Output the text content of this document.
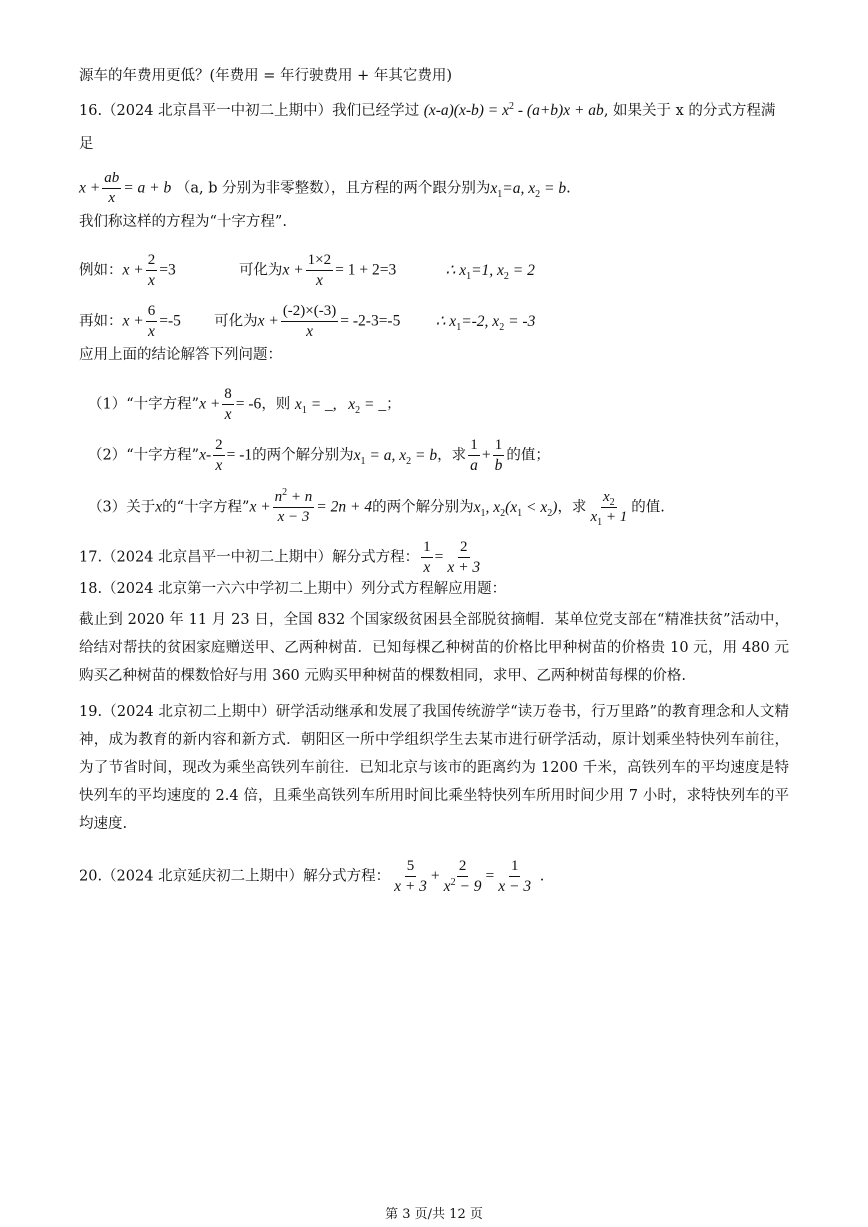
源车的年费用更低？(年费用 = 年行驶费用 + 年其它费用)
16.（2024 北京昌平一中初二上期中）我们已经学过 $(x-a)(x-b) = x^2 - (a+b)x$ + ab, 如果关于 x 的分式方程满
足
$x + \frac{ab}{x} = a + b$ （a, b 分别为非零整数），且方程的两个跟分别为$x_1=a$, $x_2 = b$.
我们称这样的方程为“十字方程”.
例如：$x + \frac{2}{x} =3$	可化为$x + \frac{1\times 2}{x} = 1 + 2=3$	∴ $x_1=1$, $x_2 = 2$
再如：$x + \frac{6}{x} =-5$ 可化为$x + \frac{(-2)\times(-3)}{x} = -2-3=-5$ ∴ $x_1=-2$, $x_2 = -3$
应用上面的结论解答下列问题：
（1）“十字方程”x + $\frac{8}{x} = -6$，则 $x_1$ = _,   $x_2$ = _；
（2）“十字方程”x- $\frac{2}{x} = -1$的两个解分别为$x_1 = a$, $x_2 = b$，求 $\frac{1}{a} + \frac{1}{b}$ 的值；
（3）关于x的“十字方程”x + $\frac{n^2 + n}{x - 3} = 2n + 4$的两个解分别为$x_1$, $x_2(x_1 < x_2)$，求 $\frac{x_2}{x_1 + 1}$ 的值.
17.（2024 北京昌平一中初二上期中）解分式方程： $\frac{1}{x} = \frac{2}{x + 3}$
18.（2024 北京第一六六中学初二上期中）列分式方程解应用题：
截止到 2020 年 11 月 23 日，全国 832 个国家级贫困县全部脱贫摘帽．某单位党支部在“精准扶贫”活动中，给结对帮扶的贫困家庭赠送甲、乙两种树苗．已知每棵乙种树苗的价格比甲种树苗的价格贵 10 元，用 480 元购买乙种树苗的棵数恰好与用 360 元购买甲种树苗的棵数相同，求甲、乙两种树苗每棵的价格.
19.（2024 北京初二上期中）研学活动继承和发展了我国传统游学“读万卷书，行万里路”的教育理念和人文精神，成为教育的新内容和新方式．朝阳区一所中学组织学生去某市进行研学活动，原计划乘坐特快列车前往，为了节省时间，现改为乘坐高铁列车前往．已知北京与该市的距离约为 1200 千米，高铁列车的平均速度是特快列车的平均速度的 2.4 倍，且乘坐高铁列车所用时间比乘坐特快列车所用时间少用 7 小时，求特快列车的平均速度.
20.（2024 北京延庆初二上期中）解分式方程： $\frac{5}{x + 3} + \frac{2}{x^2 - 9} = \frac{1}{x - 3}$ .
第 3 页/共 12 页
